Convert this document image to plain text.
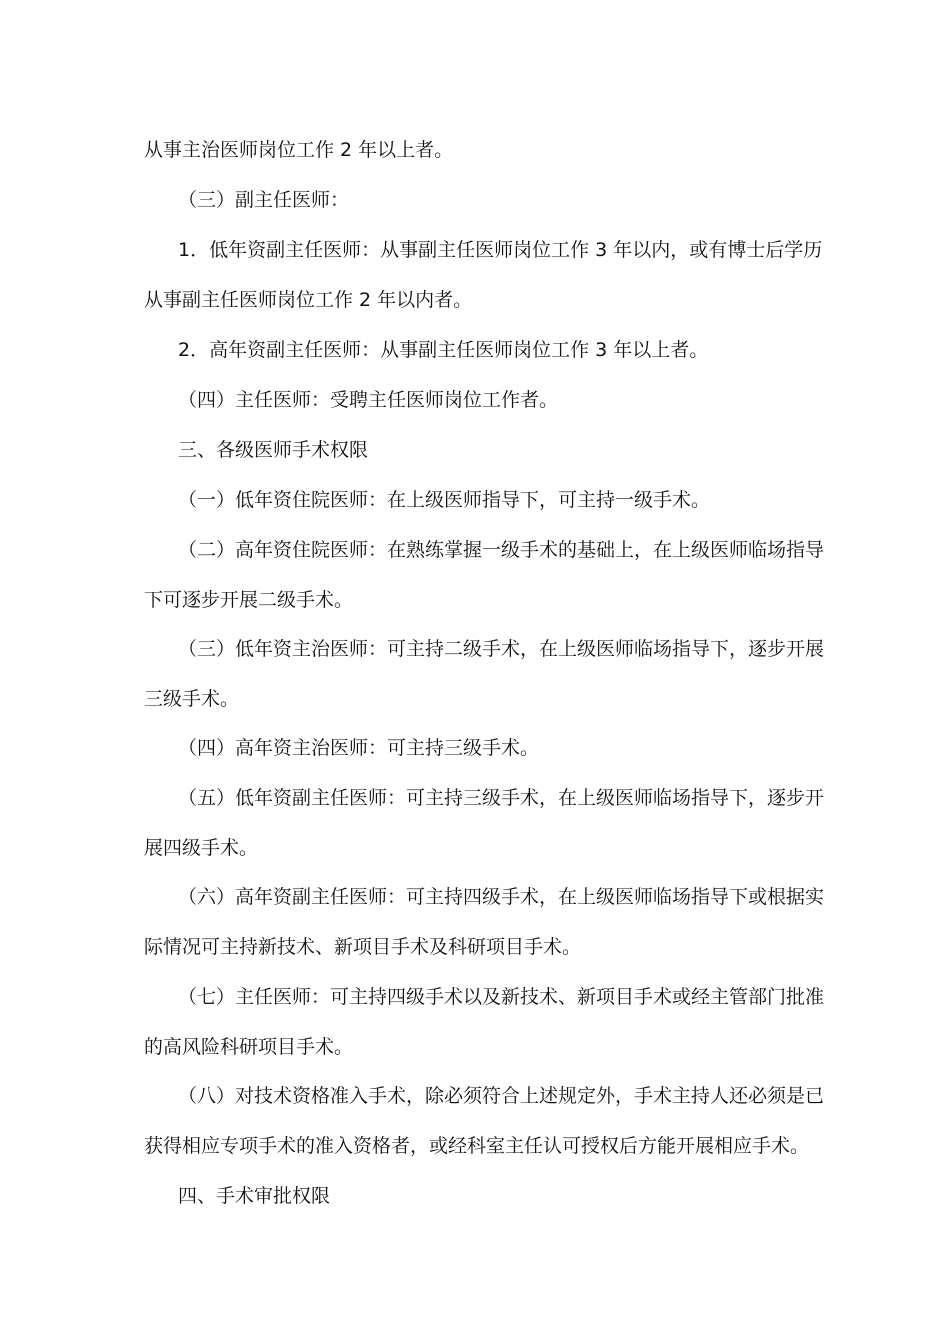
从事主治医师岗位工作 2 年以上者。
（三）副主任医师：
1．低年资副主任医师：从事副主任医师岗位工作 3 年以内，或有博士后学历
从事副主任医师岗位工作 2 年以内者。
2．高年资副主任医师：从事副主任医师岗位工作 3 年以上者。
（四）主任医师：受聘主任医师岗位工作者。
三、各级医师手术权限
（一）低年资住院医师：在上级医师指导下，可主持一级手术。
（二）高年资住院医师：在熟练掌握一级手术的基础上，在上级医师临场指导
下可逐步开展二级手术。
（三）低年资主治医师：可主持二级手术，在上级医师临场指导下，逐步开展
三级手术。
（四）高年资主治医师：可主持三级手术。
（五）低年资副主任医师：可主持三级手术，在上级医师临场指导下，逐步开
展四级手术。
（六）高年资副主任医师：可主持四级手术，在上级医师临场指导下或根据实
际情况可主持新技术、新项目手术及科研项目手术。
（七）主任医师：可主持四级手术以及新技术、新项目手术或经主管部门批准
的高风险科研项目手术。
（八）对技术资格准入手术，除必须符合上述规定外，手术主持人还必须是已
获得相应专项手术的准入资格者，或经科室主任认可授权后方能开展相应手术。
四、手术审批权限
